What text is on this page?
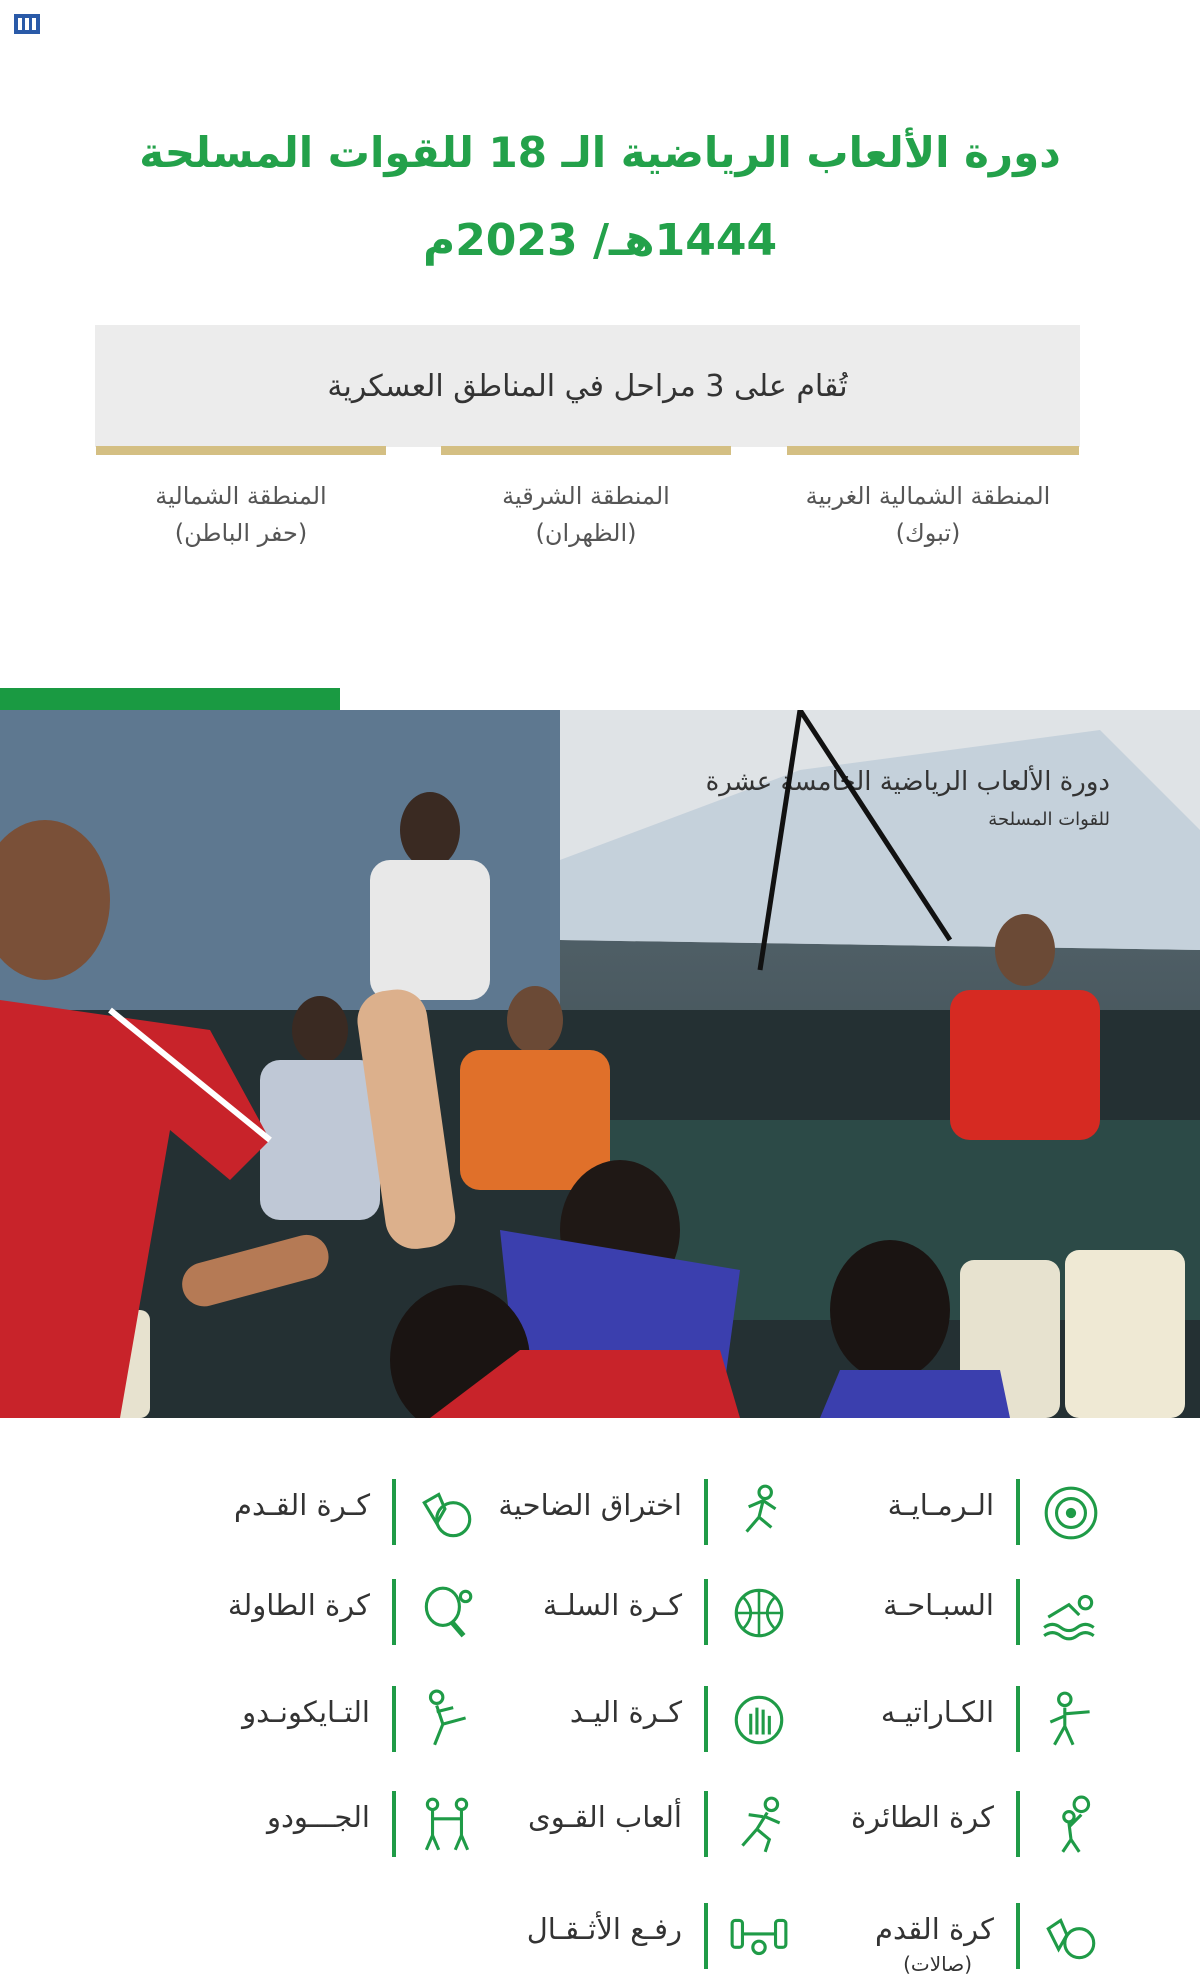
دورة الألعاب الرياضية الـ 18 للقوات المسلحة
1444هـ/ 2023م
تُقام على 3 مراحل في المناطق العسكرية
المنطقة الشمالية الغربية
(تبوك)
المنطقة الشرقية
(الظهران)
المنطقة الشمالية
(حفر الباطن)
دورة الألعاب الرياضية الخامسة عشرة
للقوات المسلحة
الـرمـايـة
اختراق الضاحية
كـرة القـدم
السبـاحـة
كـرة السلـة
كرة الطاولة
الكـاراتيـه
كـرة اليـد
التـايكونـدو
كرة الطائرة
ألعاب القـوى
الجـــودو
كرة القدم
(صالات)
رفـع الأثـقـال
